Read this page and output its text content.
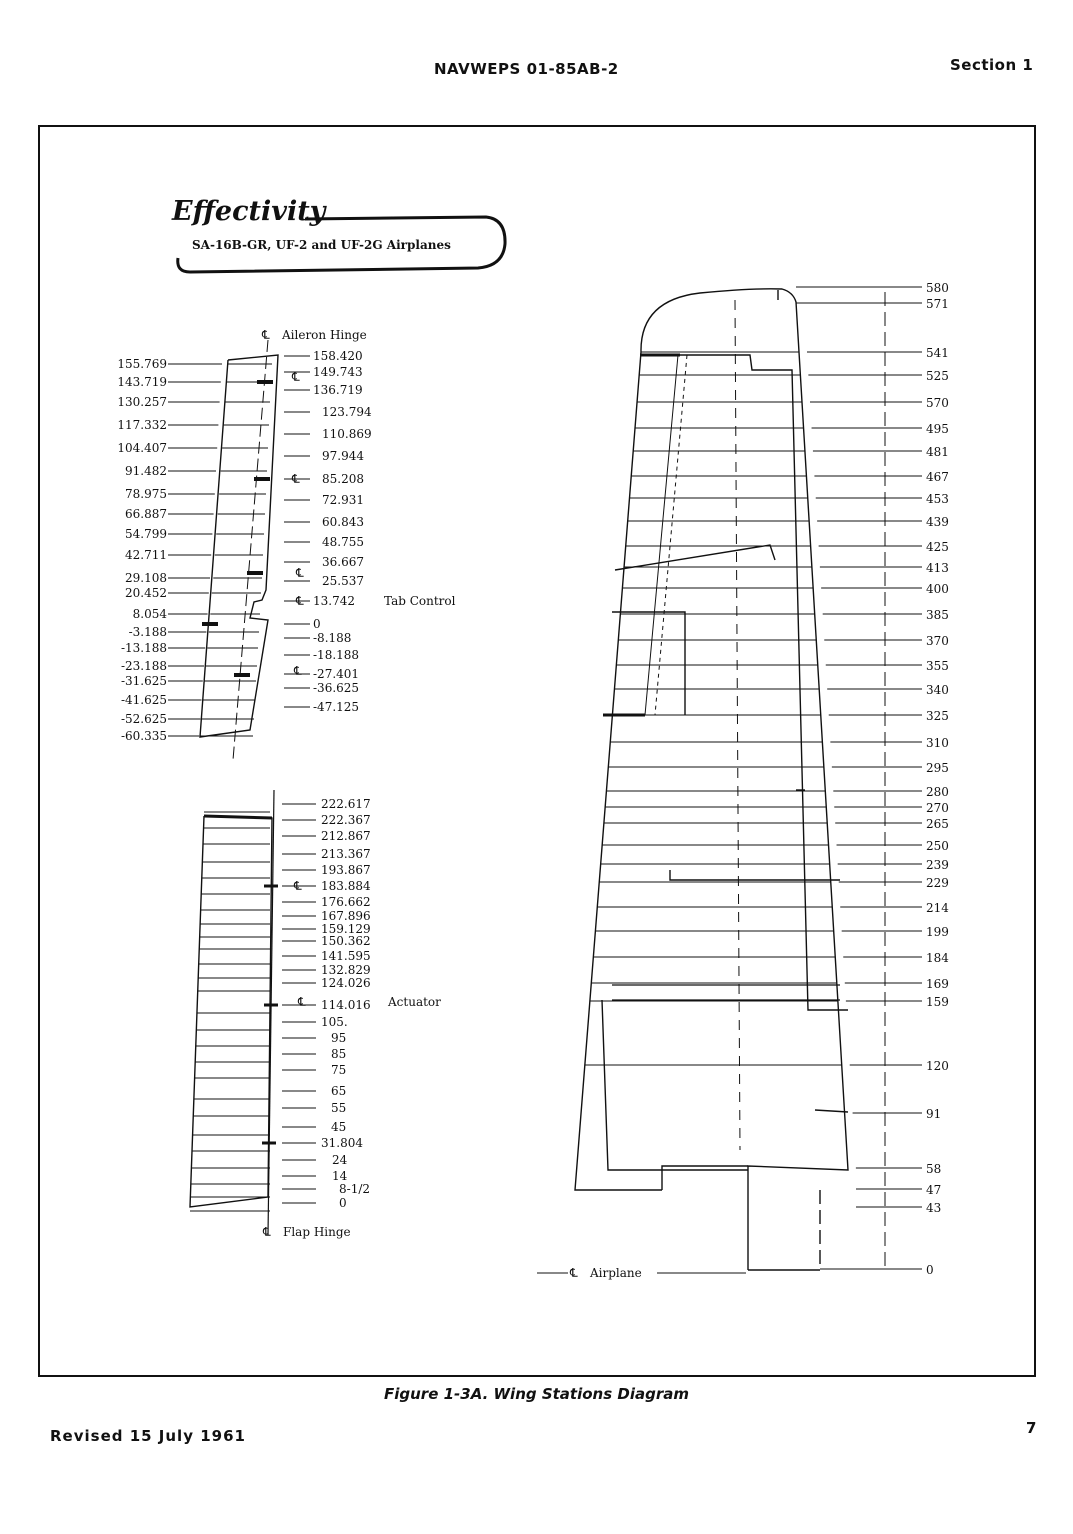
NAVWEPS 01-85AB-2	Section 1
℄
℄
℄
℄
℄
℄
℄
℄
℄
℄
155.769
143.719
130.257
117.332
104.407
91.482
78.975
66.887
54.799
42.711
29.108
20.452
8.054
-3.188
-13.188
-23.188
-31.625
-41.625
-52.625
-60.335
158.420
149.743
136.719
123.794
110.869
97.944
85.208
72.931
60.843
48.755
36.667
25.537
13.742
0
-8.188
-18.188
-27.401
-36.625
-47.125
Aileron Hinge
Tab Control
222.617
222.367
212.867
213.367
193.867
183.884
176.662
167.896
159.129
150.362
141.595
132.829
124.026
114.016
105.
95
85
75
65
55
45
31.804
24
14
8-1/2
0
Flap Hinge
Actuator
580
571
541
525
570
495
481
467
453
439
425
413
400
385
370
355
340
325
310
295
280
270
265
250
239
229
214
199
184
169
159
120
91
58
47
43
0
Airplane
Effectivity
SA-16B-GR, UF-2 and UF-2G Airplanes
Figure 1-3A. Wing Stations Diagram
Revised 15 July 1961	7
